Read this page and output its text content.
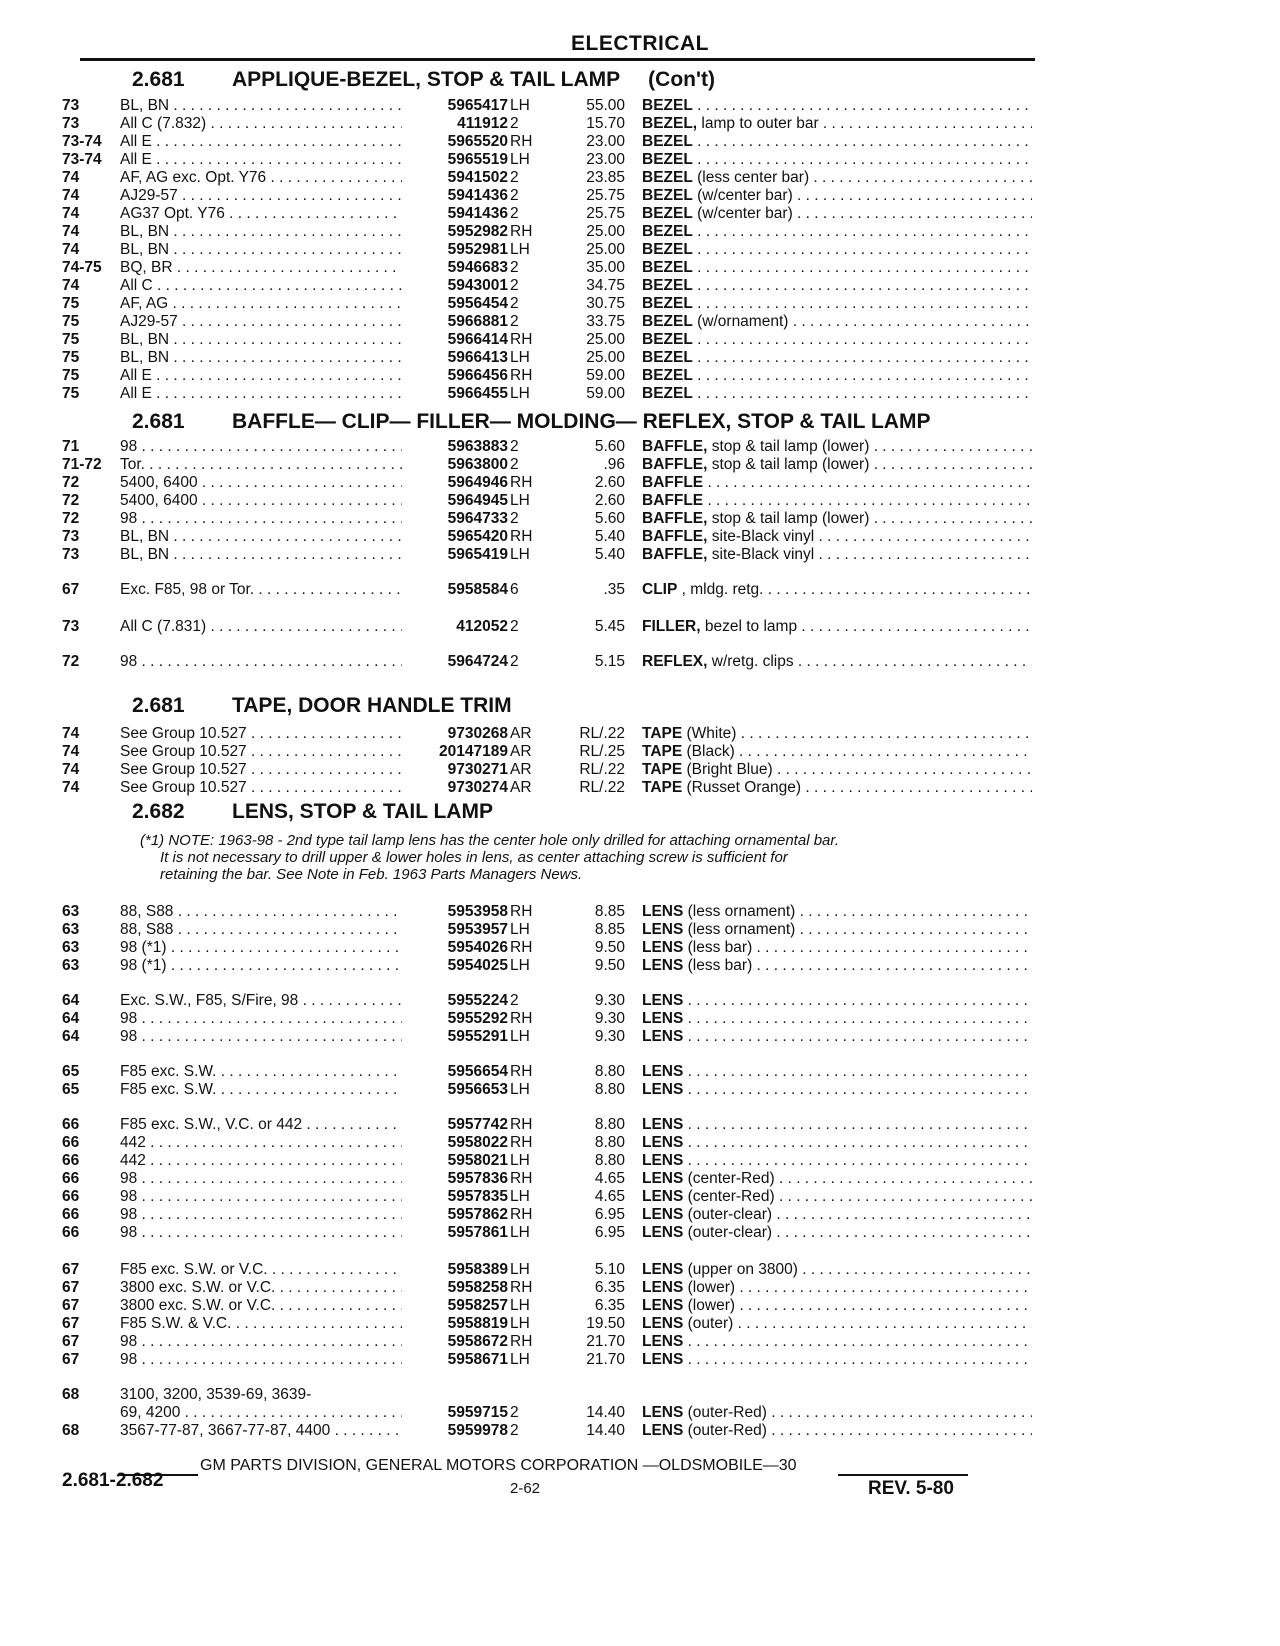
ELECTRICAL
2.681 APPLIQUE-BEZEL, STOP & TAIL LAMP (Con't)
2.681 BAFFLE— CLIP— FILLER— MOLDING— REFLEX, STOP & TAIL LAMP
2.681 TAPE, DOOR HANDLE TRIM
2.682 LENS, STOP & TAIL LAMP
73	BL, BN . . .	5965417 LH	55.00 BEZEL . . .
73	All C (7.832) . . .	411912 2	15.70 BEZEL, lamp to outer bar . . .
73-74	All E . . .	5965520 RH	23.00 BEZEL . . .
73-74	All E . . .	5965519 LH	23.00 BEZEL . . .
74	AF, AG exc. Opt. Y76 . . .	5941502 2	23.85 BEZEL (less center bar) . . .
74	AJ29-57 . . .	5941436 2	25.75 BEZEL (w/center bar) . . .
74	AG37 Opt. Y76 . . .	5941436 2	25.75 BEZEL (w/center bar) . . .
74	BL, BN . . .	5952982 RH	25.00 BEZEL . . .
74	BL, BN . . .	5952981 LH	25.00 BEZEL . . .
74-75	BQ, BR . . .	5946683 2	35.00 BEZEL . . .
74	All C . . .	5943001 2	34.75 BEZEL . . .
75	AF, AG . . .	5956454 2	30.75 BEZEL . . .
75	AJ29-57 . . .	5966881 2	33.75 BEZEL (w/ornament) . . .
75	BL, BN . . .	5966414 RH	25.00 BEZEL . . .
75	BL, BN . . .	5966413 LH	25.00 BEZEL . . .
75	All E . . .	5966456 RH	59.00 BEZEL . . .
75	All E . . .	5966455 LH	59.00 BEZEL . . .
71	98 . . .	5963883 2	5.60 BAFFLE, stop & tail lamp (lower) . . .
71-72	Tor. . . .	5963800 2	.96 BAFFLE, stop & tail lamp (lower) . . .
72	5400, 6400 . . .	5964946 RH	2.60 BAFFLE . . .
72	5400, 6400 . . .	5964945 LH	2.60 BAFFLE . . .
72	98 . . .	5964733 2	5.60 BAFFLE, stop & tail lamp (lower) . . .
73	BL, BN . . .	5965420 RH	5.40 BAFFLE, site-Black vinyl . . .
73	BL, BN . . .	5965419 LH	5.40 BAFFLE, site-Black vinyl . . .
67	Exc. F85, 98 or Tor. . . .	5958584 6	.35 CLIP , mldg. retg. . . .
73	All C (7.831) . . .	412052 2	5.45 FILLER, bezel to lamp . . .
72	98 . . .	5964724 2	5.15 REFLEX, w/retg. clips . . .
74	See Group 10.527 . . .	9730268 AR	RL/.22 TAPE (White) . . .
74	See Group 10.527 . . .	20147189 AR	RL/.25 TAPE (Black) . . .
74	See Group 10.527 . . .	9730271 AR	RL/.22 TAPE (Bright Blue) . . .
74	See Group 10.527 . . .	9730274 AR	RL/.22 TAPE (Russet Orange) . . .
63	88, S88 . . .	5953958 RH	8.85 LENS (less ornament) . . .
63	88, S88 . . .	5953957 LH	8.85 LENS (less ornament) . . .
63	98 (*1) . . .	5954026 RH	9.50 LENS (less bar) . . .
63	98 (*1) . . .	5954025 LH	9.50 LENS (less bar) . . .
64	Exc. S.W., F85, S/Fire, 98 . . .	5955224 2	9.30 LENS . . .
64	98 . . .	5955292 RH	9.30 LENS . . .
64	98 . . .	5955291 LH	9.30 LENS . . .
65	F85 exc. S.W. . . .	5956654 RH	8.80 LENS . . .
65	F85 exc. S.W. . . .	5956653 LH	8.80 LENS . . .
66	F85 exc. S.W., V.C. or 442 . . .	5957742 RH	8.80 LENS . . .
66	442 . . .	5958022 RH	8.80 LENS . . .
66	442 . . .	5958021 LH	8.80 LENS . . .
66	98 . . .	5957836 RH	4.65 LENS (center-Red) . . .
66	98 . . .	5957835 LH	4.65 LENS (center-Red) . . .
66	98 . . .	5957862 RH	6.95 LENS (outer-clear) . . .
66	98 . . .	5957861 LH	6.95 LENS (outer-clear) . . .
67	F85 exc. S.W. or V.C. . . .	5958389 LH	5.10 LENS (upper on 3800) . . .
67	3800 exc. S.W. or V.C. . . .	5958258 RH	6.35 LENS (lower) . . .
67	3800 exc. S.W. or V.C. . . .	5958257 LH	6.35 LENS (lower) . . .
67	F85 S.W. & V.C. . . .	5958819 LH	19.50 LENS (outer) . . .
67	98 . . .	5958672 RH	21.70 LENS . . .
67	98 . . .	5958671 LH	21.70 LENS . . .
68	3100, 3200, 3539-69, 3639-
69, 4200 . . .	5959715 2	14.40 LENS (outer-Red) . . .
68	3567-77-87, 3667-77-87, 4400 . . .	5959978 2	14.40 LENS (outer-Red) . . .
(*1) NOTE: 1963-98 - 2nd type tail lamp lens has the center hole only drilled for attaching ornamental bar.
It is not necessary to drill upper & lower holes in lens, as center attaching screw is sufficient for
retaining the bar. See Note in Feb. 1963 Parts Managers News.
GM PARTS DIVISION, GENERAL MOTORS CORPORATION —OLDSMOBILE—30
2.681-2.682	2-62	REV. 5-80
